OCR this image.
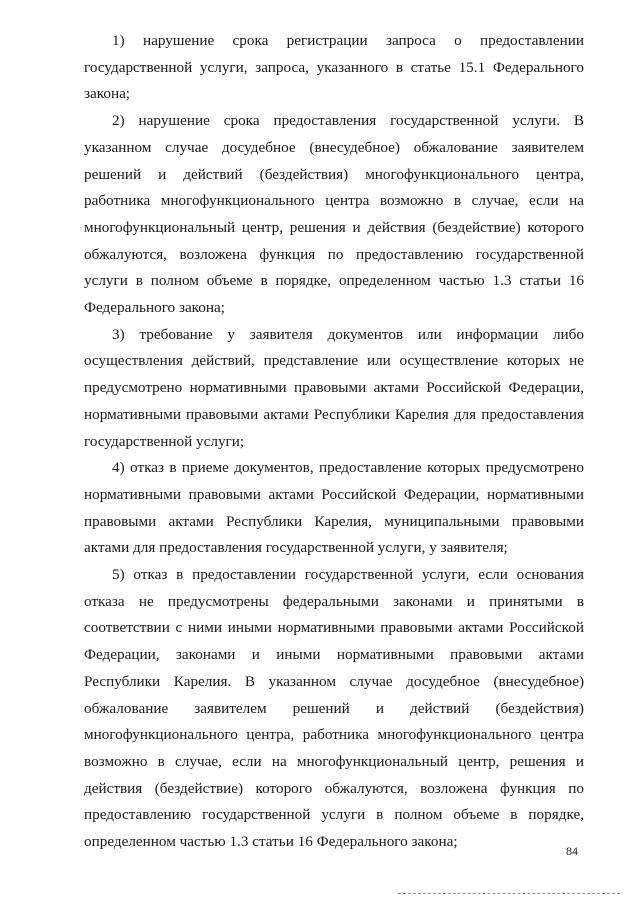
1) нарушение срока регистрации запроса о предоставлении государственной услуги, запроса, указанного в статье 15.1 Федерального закона;

2) нарушение срока предоставления государственной услуги. В указанном случае досудебное (внесудебное) обжалование заявителем решений и действий (бездействия) многофункционального центра, работника многофункционального центра возможно в случае, если на многофункциональный центр, решения и действия (бездействие) которого обжалуются, возложена функция по предоставлению государственной услуги в полном объеме в порядке, определенном частью 1.3 статьи 16 Федерального закона;

3) требование у заявителя документов или информации либо осуществления действий, представление или осуществление которых не предусмотрено нормативными правовыми актами Российской Федерации, нормативными правовыми актами Республики Карелия для предоставления государственной услуги;

4) отказ в приеме документов, предоставление которых предусмотрено нормативными правовыми актами Российской Федерации, нормативными правовыми актами Республики Карелия, муниципальными правовыми актами для предоставления государственной услуги, у заявителя;

5) отказ в предоставлении государственной услуги, если основания отказа не предусмотрены федеральными законами и принятыми в соответствии с ними иными нормативными правовыми актами Российской Федерации, законами и иными нормативными правовыми актами Республики Карелия. В указанном случае досудебное (внесудебное) обжалование заявителем решений и действий (бездействия) многофункционального центра, работника многофункционального центра возможно в случае, если на многофункциональный центр, решения и действия (бездействие) которого обжалуются, возложена функция по предоставлению государственной услуги в полном объеме в порядке, определенном частью 1.3 статьи 16 Федерального закона;

84
